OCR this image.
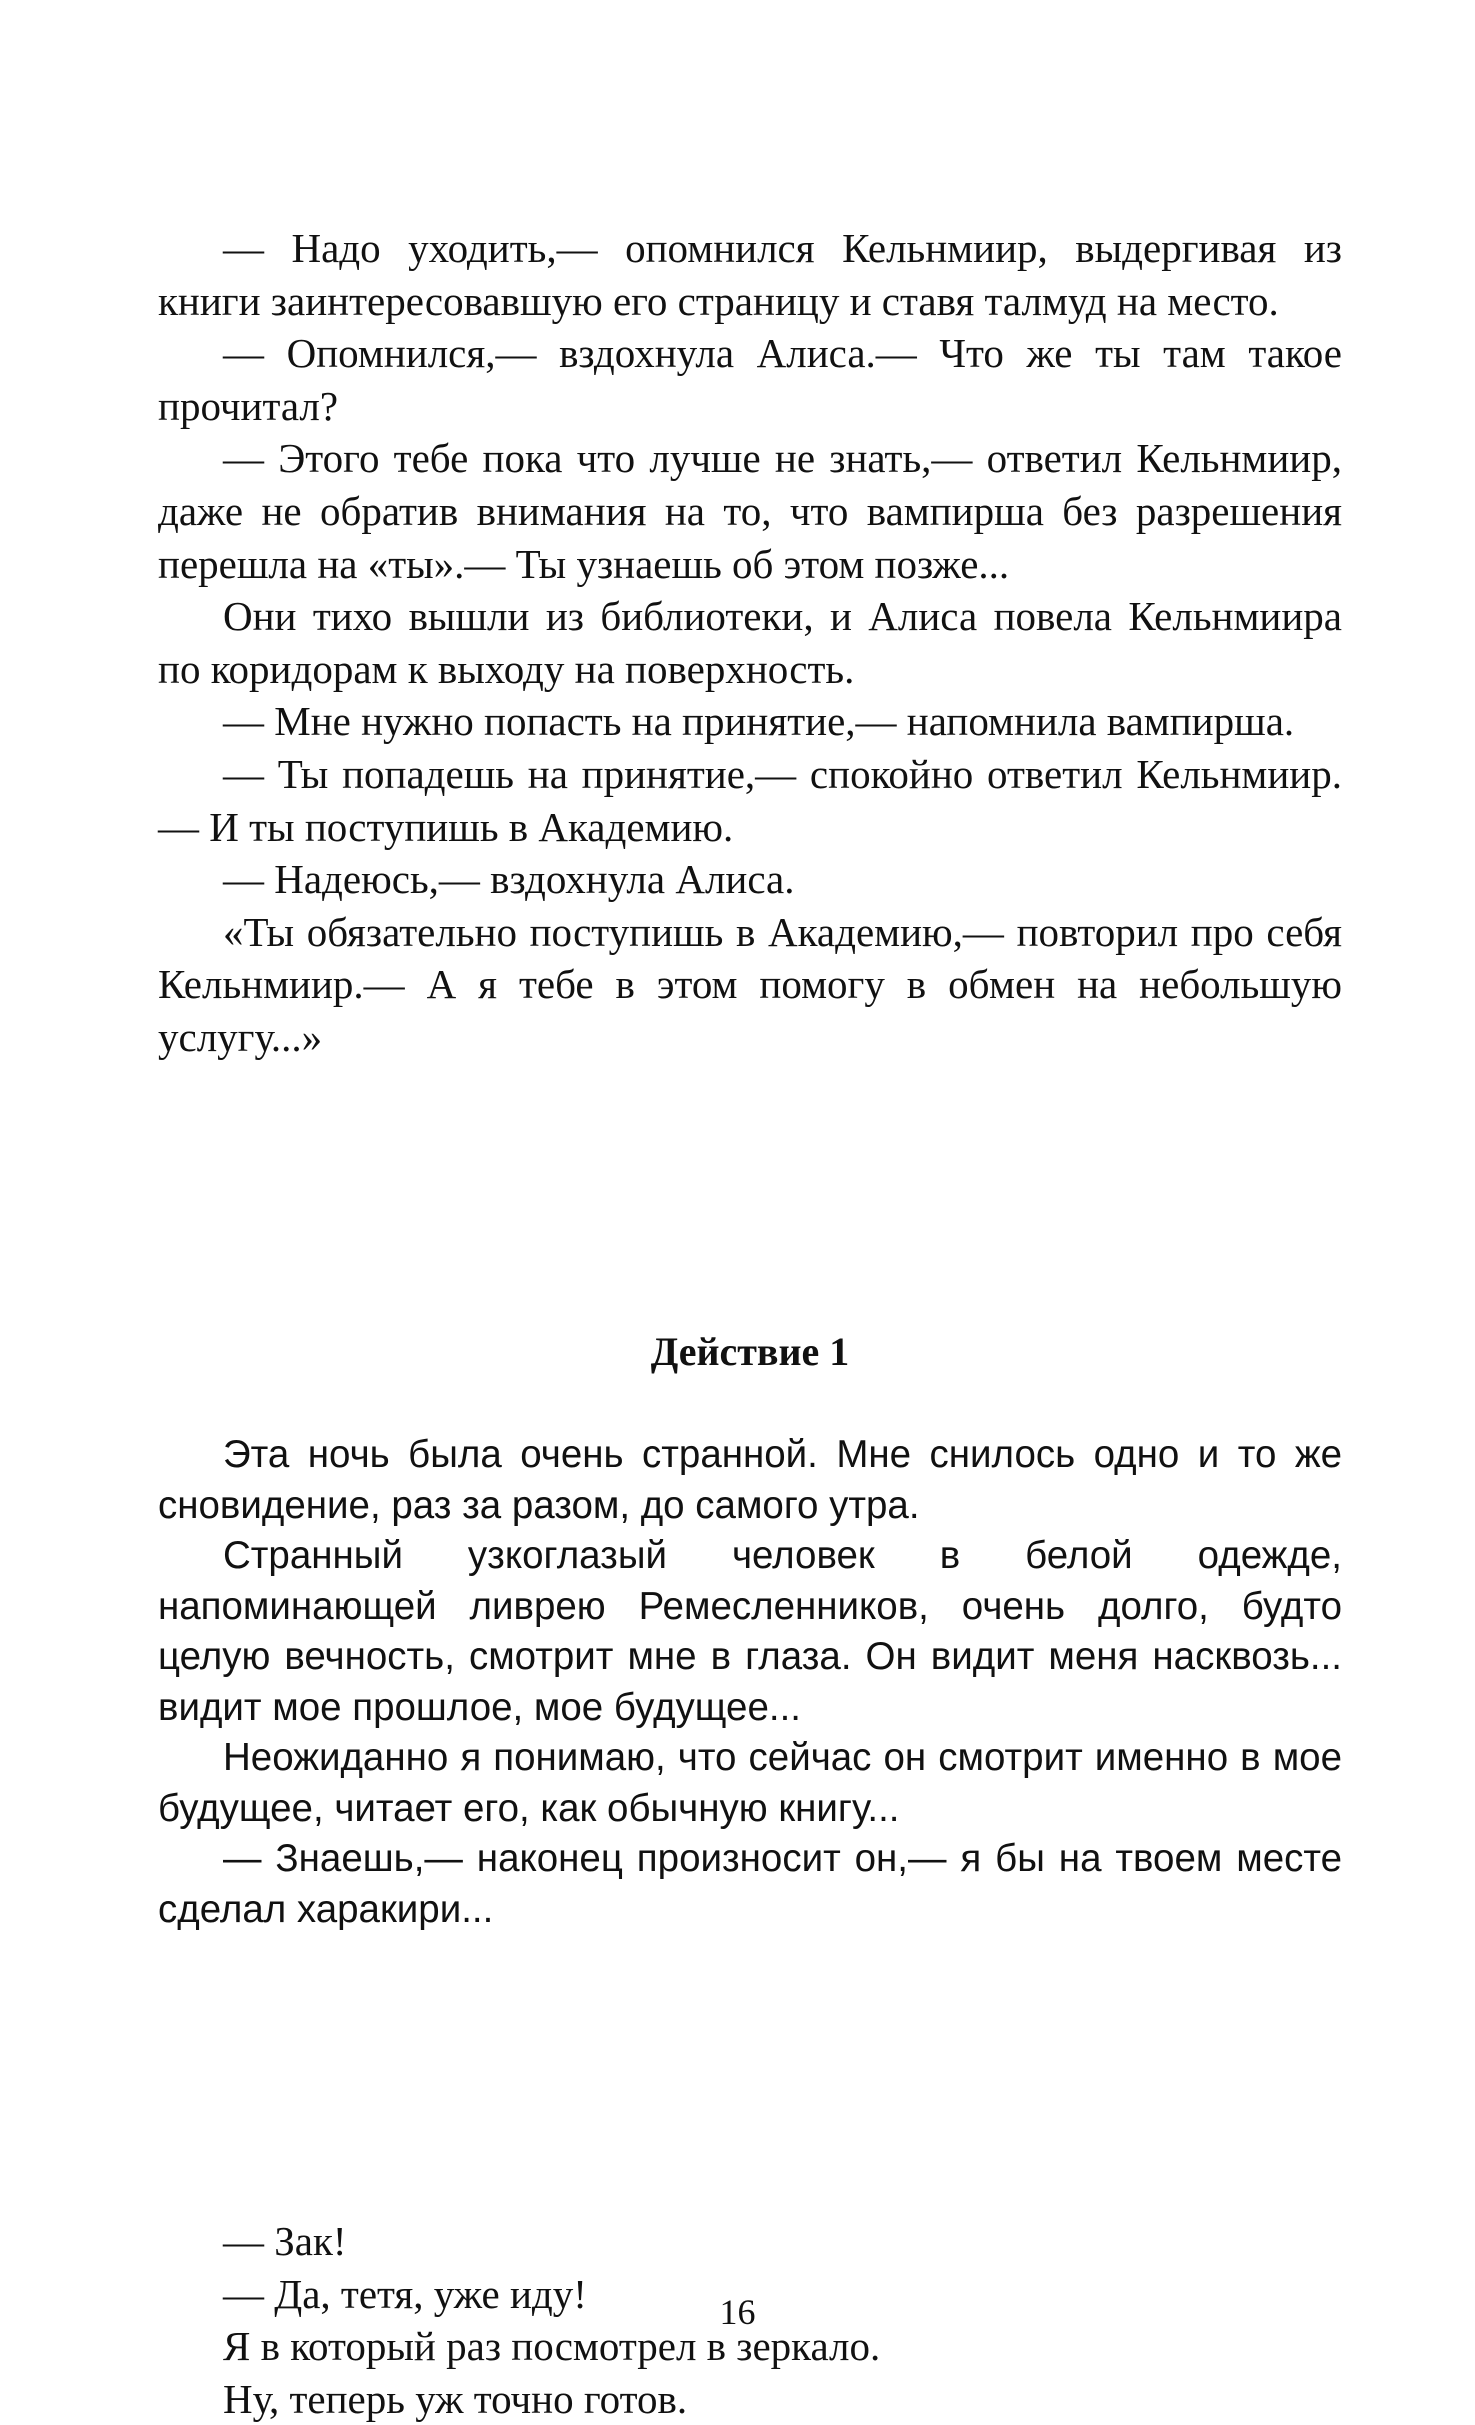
— Надо уходить,— опомнился Кельнмиир, выдергивая из книги заинтересовавшую его страницу и ставя талмуд на место.

— Опомнился,— вздохнула Алиса.— Что же ты там такое прочитал?

— Этого тебе пока что лучше не знать,— ответил Кельнмиир, даже не обратив внимания на то, что вампирша без разрешения перешла на «ты».— Ты узнаешь об этом позже...

Они тихо вышли из библиотеки, и Алиса повела Кельнмиира по коридорам к выходу на поверхность.

— Мне нужно попасть на принятие,— напомнила вампирша.

— Ты попадешь на принятие,— спокойно ответил Кельнмиир.— И ты поступишь в Академию.

— Надеюсь,— вздохнула Алиса.

«Ты обязательно поступишь в Академию,— повторил про себя Кельнмиир.— А я тебе в этом помогу в обмен на небольшую услугу...»

Действие 1

Эта ночь была очень странной. Мне снилось одно и то же сновидение, раз за разом, до самого утра.

Странный узкоглазый человек в белой одежде, напоминающей ливрею Ремесленников, очень долго, будто целую вечность, смотрит мне в глаза. Он видит меня насквозь... видит мое прошлое, мое будущее...

Неожиданно я понимаю, что сейчас он смотрит именно в мое будущее, читает его, как обычную книгу...

— Знаешь,— наконец произносит он,— я бы на твоем месте сделал харакири...

— Зак!

— Да, тетя, уже иду!

Я в который раз посмотрел в зеркало.

Ну, теперь уж точно готов.

16
